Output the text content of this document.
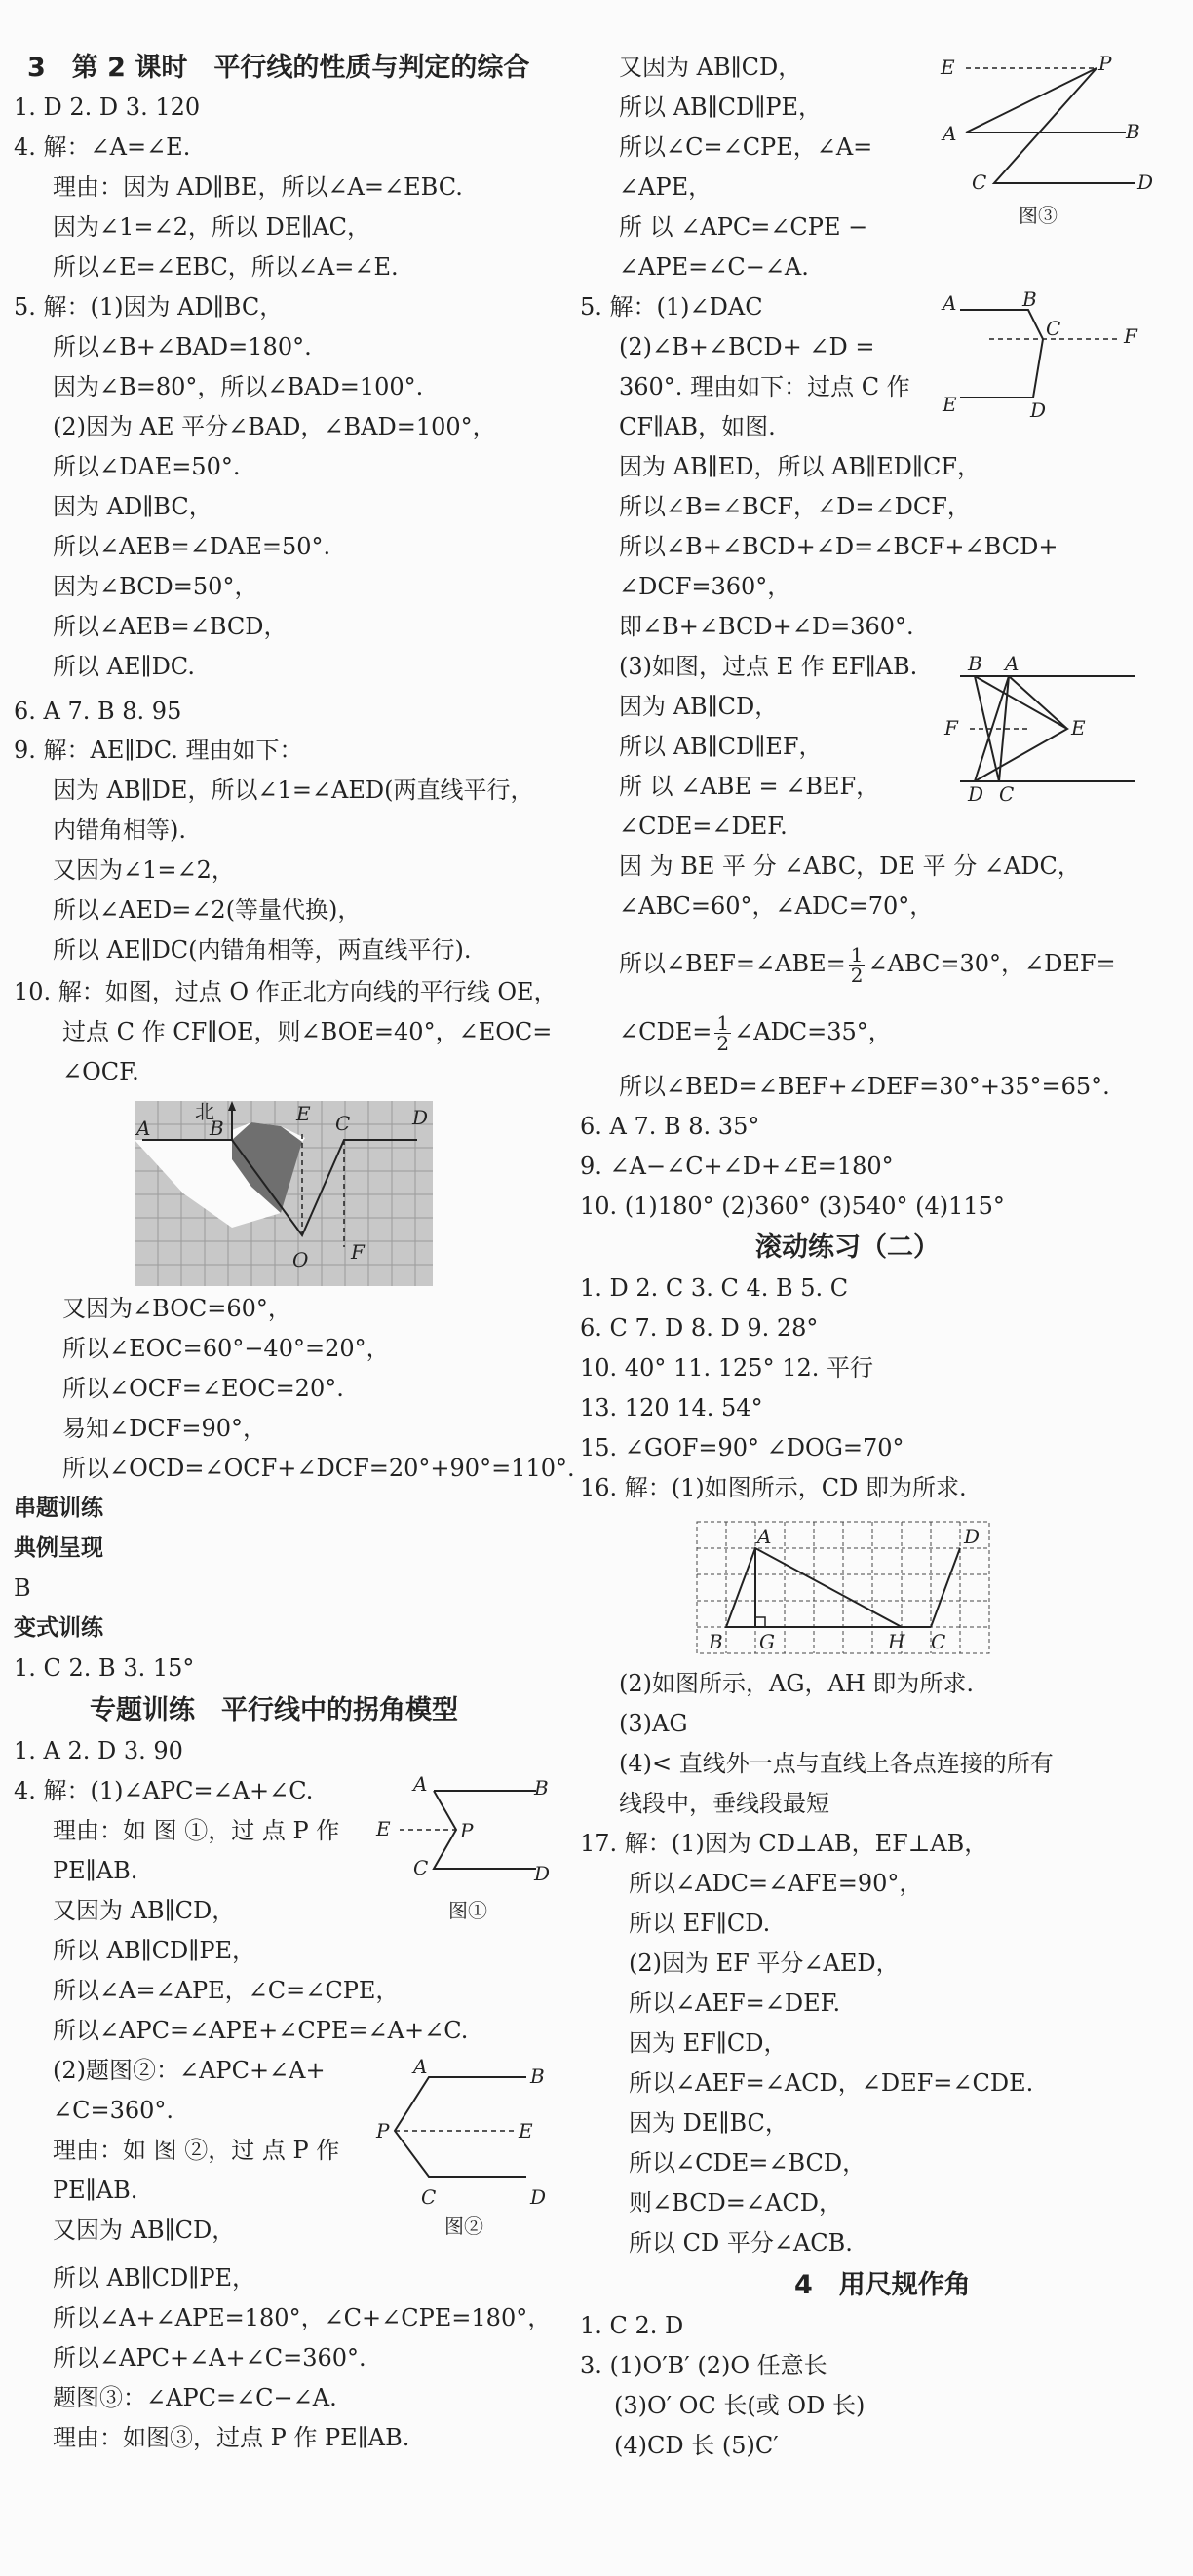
3　第 2 课时　平行线的性质与判定的综合
1. D 2. D 3. 120
4. 解：∠A=∠E.
理由：因为 AD∥BE，所以∠A=∠EBC.
因为∠1=∠2，所以 DE∥AC，
所以∠E=∠EBC，所以∠A=∠E.
5. 解：(1)因为 AD∥BC，
所以∠B+∠BAD=180°.
因为∠B=80°，所以∠BAD=100°.
(2)因为 AE 平分∠BAD，∠BAD=100°，
所以∠DAE=50°.
因为 AD∥BC，
所以∠AEB=∠DAE=50°.
因为∠BCD=50°，
所以∠AEB=∠BCD，
所以 AE∥DC.
6. A 7. B 8. 95
9. 解：AE∥DC. 理由如下：
因为 AB∥DE，所以∠1=∠AED(两直线平行，
内错角相等).
又因为∠1=∠2，
所以∠AED=∠2(等量代换)，
所以 AE∥DC(内错角相等，两直线平行).
10. 解：如图，过点 O 作正北方向线的平行线 OE，
过点 C 作 CF∥OE，则∠BOE=40°，∠EOC=
∠OCF.
A	B
北	E C	D
O F
又因为∠BOC=60°，
所以∠EOC=60°−40°=20°，
所以∠OCF=∠EOC=20°.
易知∠DCF=90°，
所以∠OCD=∠OCF+∠DCF=20°+90°=110°.
串题训练
典例呈现
B
变式训练
1. C 2. B 3. 15°
专题训练　平行线中的拐角模型
1. A 2. D 3. 90
4. 解：(1)∠APC=∠A+∠C.
理由：如 图 ①，过 点 P 作
PE∥AB.
又因为 AB∥CD，
所以 AB∥CD∥PE，
所以∠A=∠APE，∠C=∠CPE，
所以∠APC=∠APE+∠CPE=∠A+∠C.
(2)题图②：∠APC+∠A+
∠C=360°.
理由：如 图 ②，过 点 P 作
PE∥AB.
又因为 AB∥CD，
所以 AB∥CD∥PE，
所以∠A+∠APE=180°，∠C+∠CPE=180°，
所以∠APC+∠A+∠C=360°.
题图③：∠APC=∠C−∠A.
理由：如图③，过点 P 作 PE∥AB.
A	B
E	P
C	D
图①
A	B
P	E
C	D
图②
又因为 AB∥CD，
所以 AB∥CD∥PE，
所以∠C=∠CPE，∠A=
∠APE，
所 以 ∠APC=∠CPE −
∠APE=∠C−∠A.
E	P
A	B
C	D
图③
5. 解：(1)∠DAC
(2)∠B+∠BCD+ ∠D =
360°. 理由如下：过点 C 作
CF∥AB，如图.
A	B
C	F
E	D
因为 AB∥ED，所以 AB∥ED∥CF，
所以∠B=∠BCF，∠D=∠DCF，
所以∠B+∠BCD+∠D=∠BCF+∠BCD+
∠DCF=360°，
即∠B+∠BCD+∠D=360°.
(3)如图，过点 E 作 EF∥AB.
因为 AB∥CD，
所以 AB∥CD∥EF，
所 以 ∠ABE = ∠BEF，
∠CDE=∠DEF.
B A
F	E
D C
因 为 BE 平 分 ∠ABC，DE 平 分 ∠ADC，
∠ABC=60°，∠ADC=70°，
所以∠BEF=∠ABE= $\frac{1}{2}$ ∠ABC=30°，∠DEF=
∠CDE= $\frac{1}{2}$ ∠ADC=35°，
所以∠BED=∠BEF+∠DEF=30°+35°=65°.
6. A 7. B 8. 35°
9. ∠A−∠C+∠D+∠E=180°
10. (1)180° (2)360° (3)540° (4)115°
滚动练习（二）
1. D 2. C 3. C 4. B 5. C
6. C 7. D 8. D 9. 28°
10. 40° 11. 125° 12. 平行
13. 120 14. 54°
15. ∠GOF=90° ∠DOG=70°
16. 解：(1)如图所示，CD 即为所求.
A	D
B G	H C
(2)如图所示，AG，AH 即为所求.
(3)AG
(4)< 直线外一点与直线上各点连接的所有
线段中，垂线段最短
17. 解：(1)因为 CD⊥AB，EF⊥AB，
所以∠ADC=∠AFE=90°，
所以 EF∥CD.
(2)因为 EF 平分∠AED，
所以∠AEF=∠DEF.
因为 EF∥CD，
所以∠AEF=∠ACD，∠DEF=∠CDE.
因为 DE∥BC，
所以∠CDE=∠BCD，
则∠BCD=∠ACD，
所以 CD 平分∠ACB.
4　用尺规作角
1. C 2. D
3. (1)O′B′ (2)O 任意长
(3)O′ OC 长(或 OD 长)
(4)CD 长 (5)C′
